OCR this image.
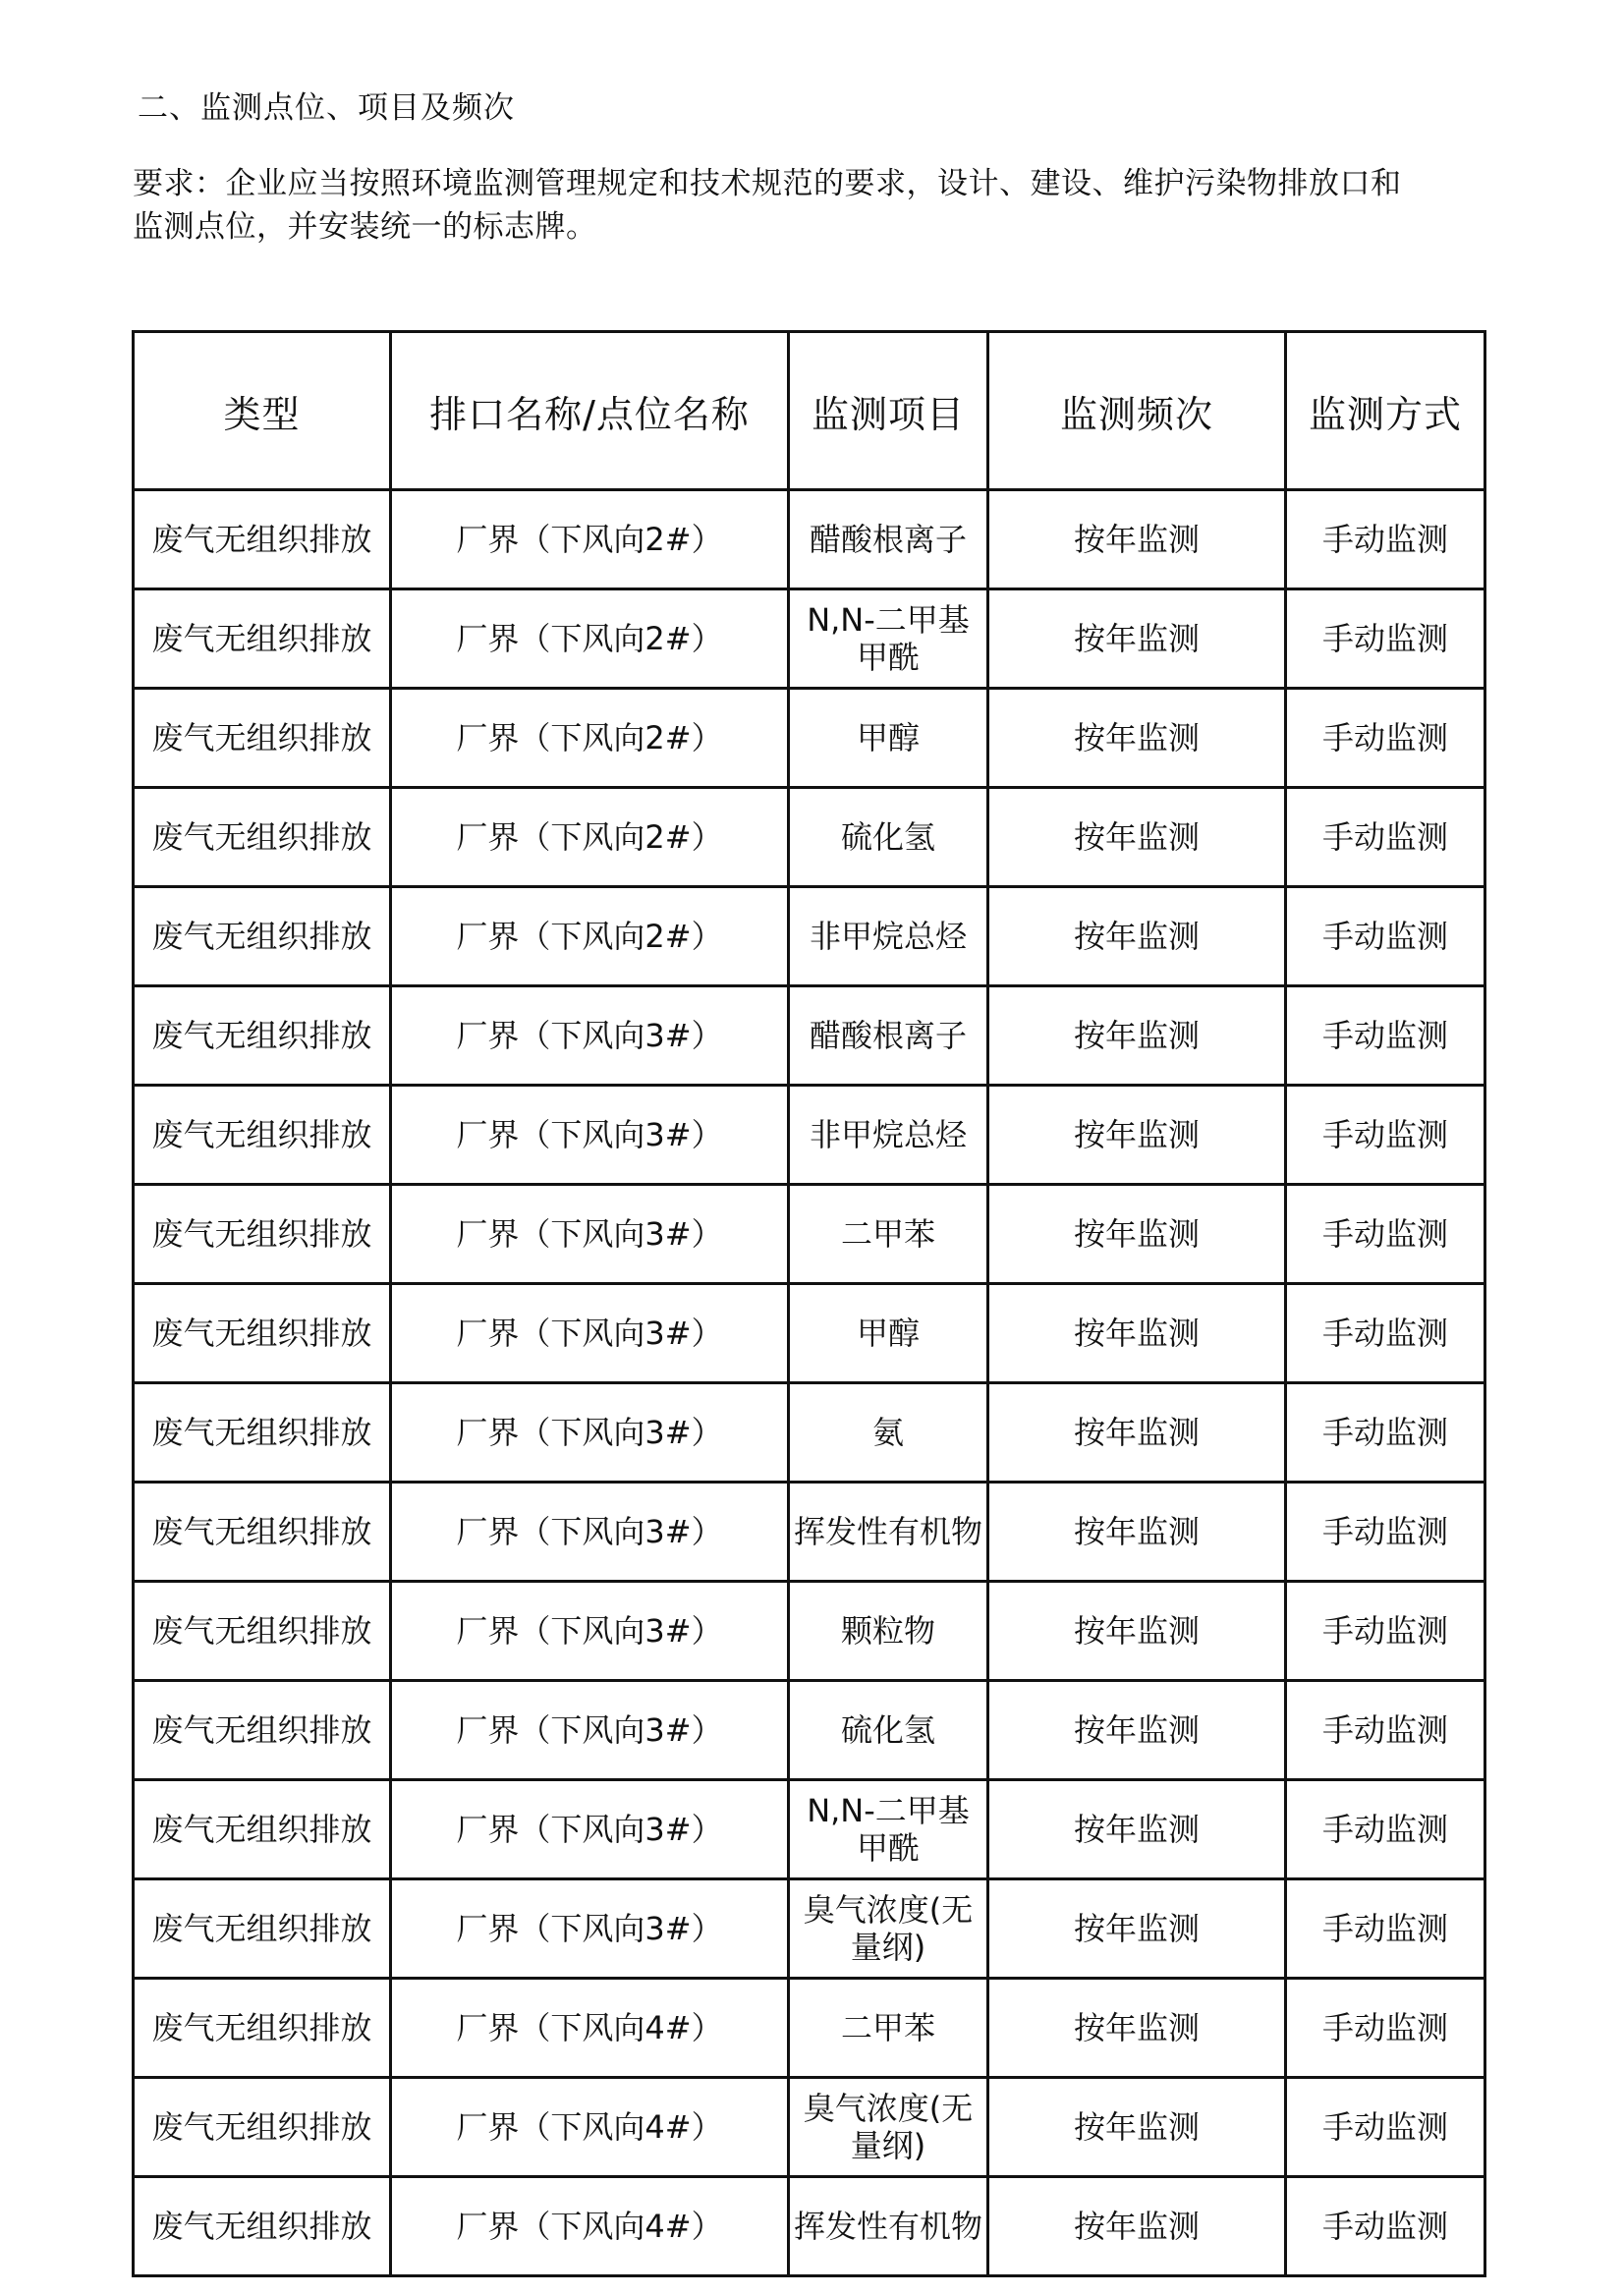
二、监测点位、项目及频次

要求：企业应当按照环境监测管理规定和技术规范的要求，设计、建设、维护污染物排放口和

监测点位，并安装统一的标志牌。

类型	排口名称/点位名称	监测项目	监测频次	监测方式
废气无组织排放	厂界（下风向2#）	醋酸根离子	按年监测	手动监测
废气无组织排放	厂界（下风向2#）	N,N-二甲基甲酰	按年监测	手动监测
废气无组织排放	厂界（下风向2#）	甲醇	按年监测	手动监测
废气无组织排放	厂界（下风向2#）	硫化氢	按年监测	手动监测
废气无组织排放	厂界（下风向2#）	非甲烷总烃	按年监测	手动监测
废气无组织排放	厂界（下风向3#）	醋酸根离子	按年监测	手动监测
废气无组织排放	厂界（下风向3#）	非甲烷总烃	按年监测	手动监测
废气无组织排放	厂界（下风向3#）	二甲苯	按年监测	手动监测
废气无组织排放	厂界（下风向3#）	甲醇	按年监测	手动监测
废气无组织排放	厂界（下风向3#）	氨	按年监测	手动监测
废气无组织排放	厂界（下风向3#）	挥发性有机物	按年监测	手动监测
废气无组织排放	厂界（下风向3#）	颗粒物	按年监测	手动监测
废气无组织排放	厂界（下风向3#）	硫化氢	按年监测	手动监测
废气无组织排放	厂界（下风向3#）	N,N-二甲基甲酰	按年监测	手动监测
废气无组织排放	厂界（下风向3#）	臭气浓度(无量纲)	按年监测	手动监测
废气无组织排放	厂界（下风向4#）	二甲苯	按年监测	手动监测
废气无组织排放	厂界（下风向4#）	臭气浓度(无量纲)	按年监测	手动监测
废气无组织排放	厂界（下风向4#）	挥发性有机物	按年监测	手动监测
